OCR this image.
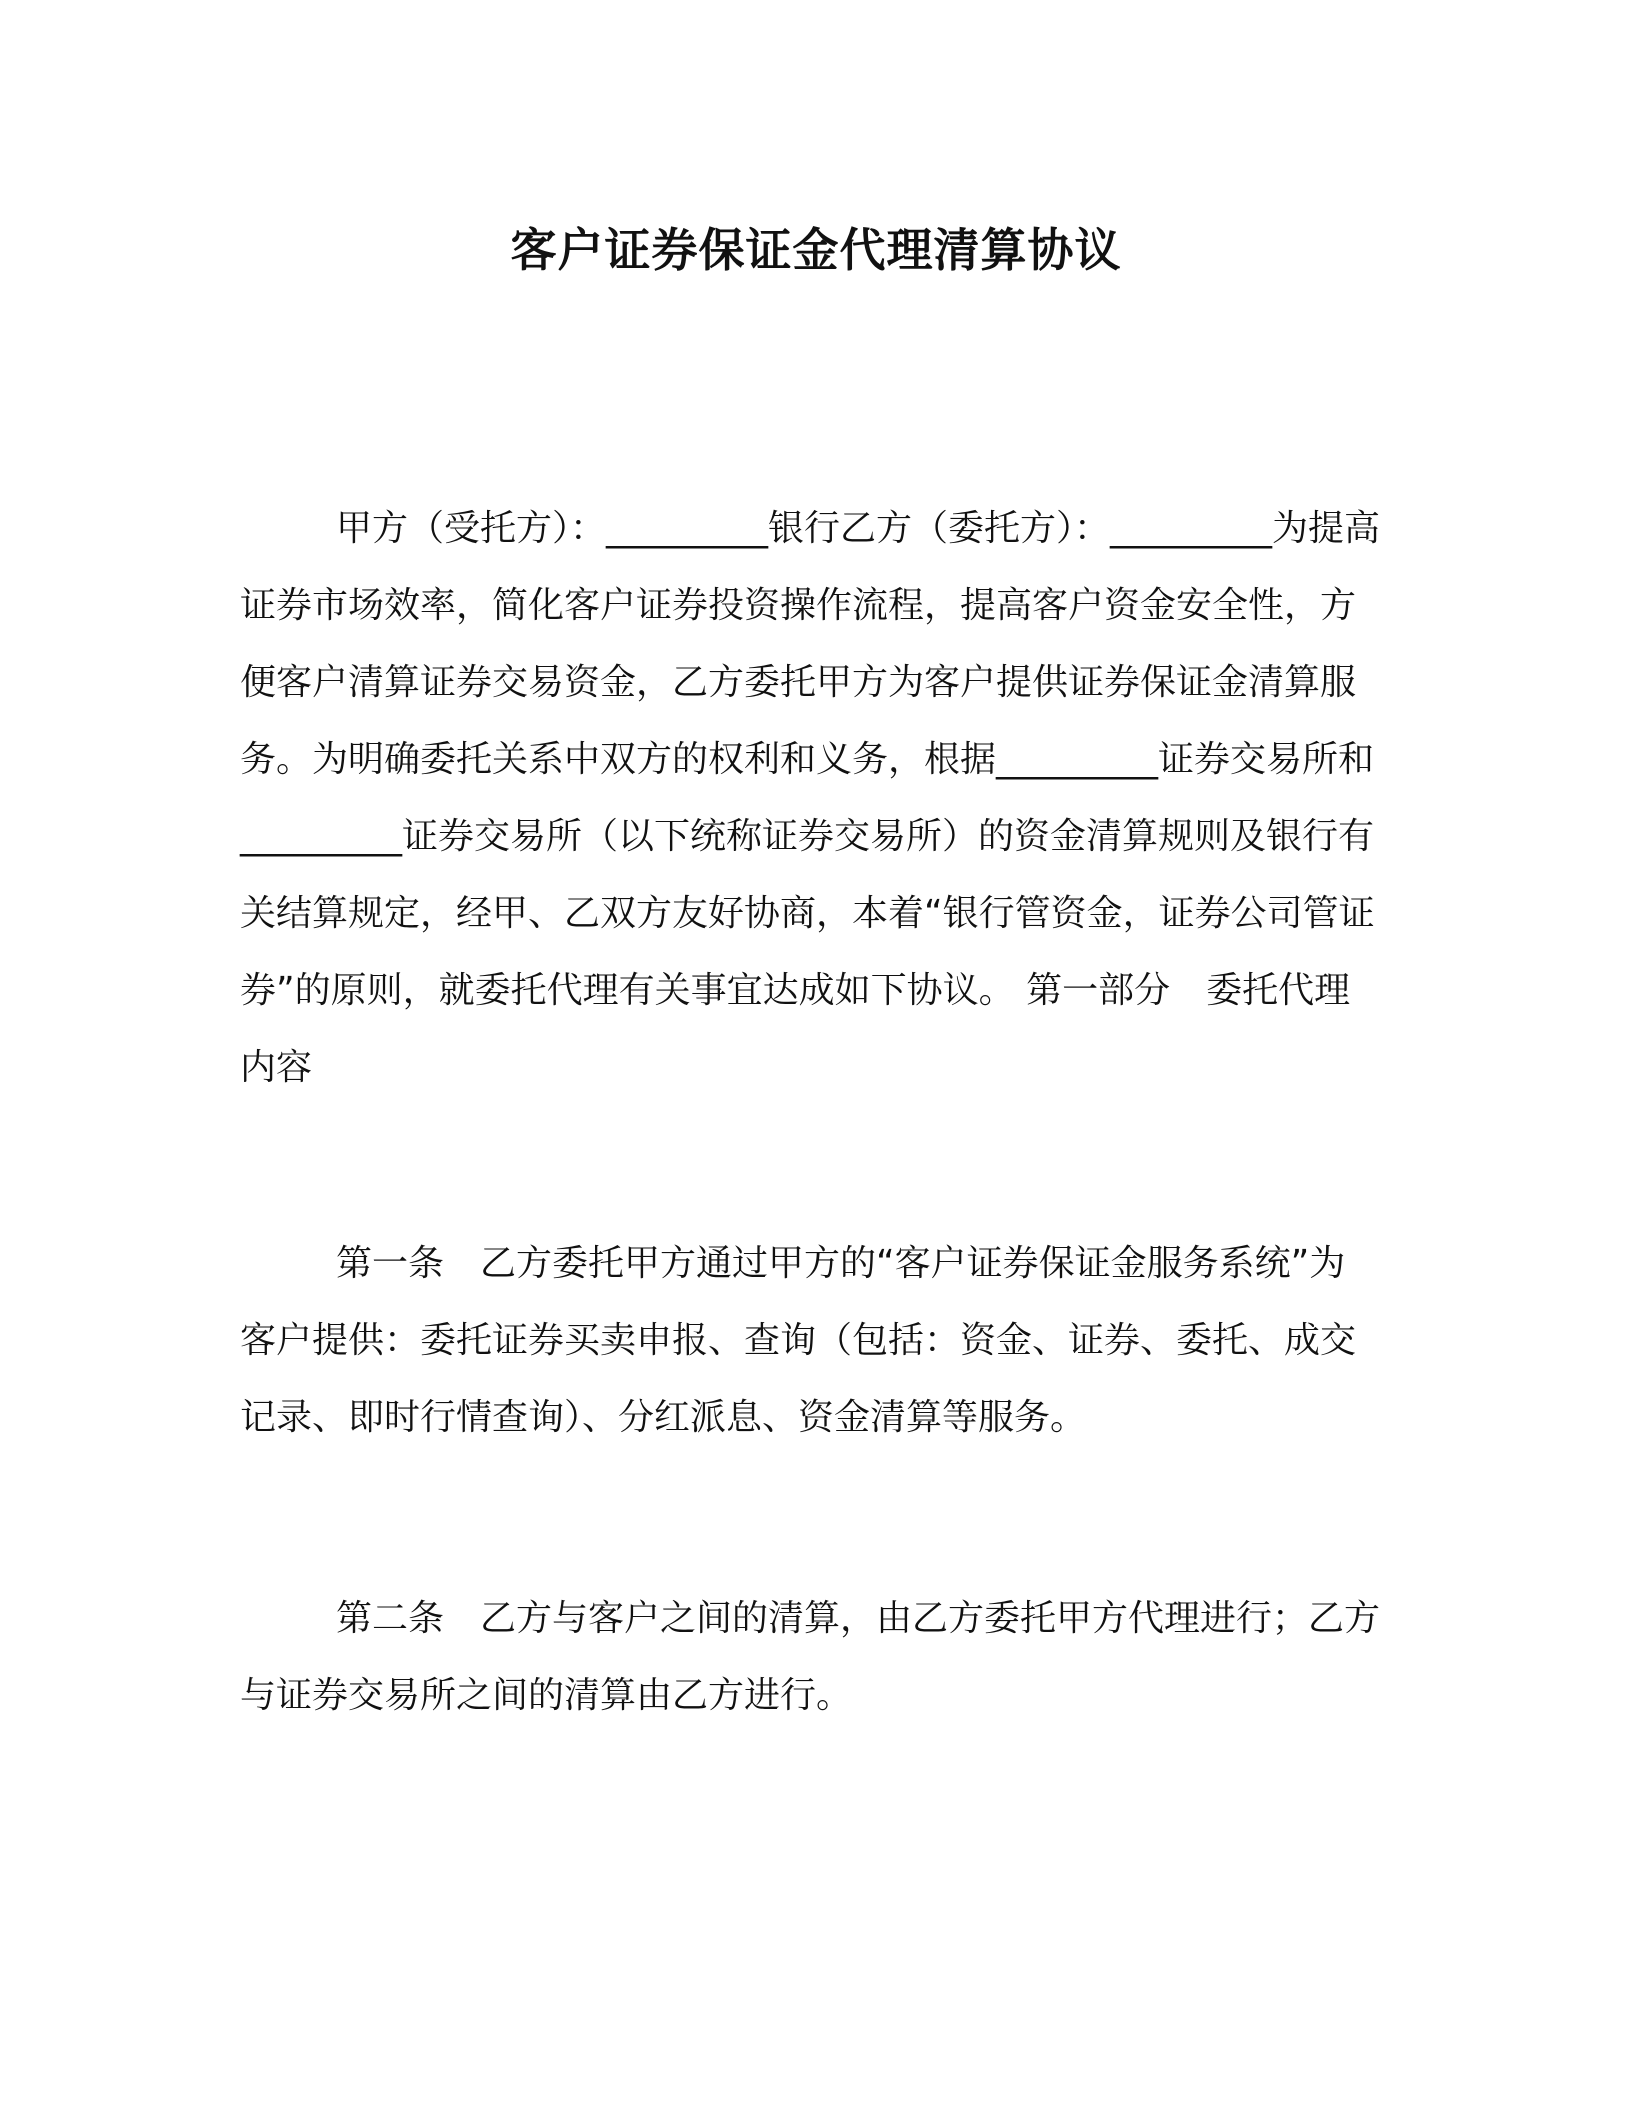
客户证券保证金代理清算协议

甲方（受托方）：_________银行乙方（委托方）：_________为提高证券市场效率，简化客户证券投资操作流程，提高客户资金安全性，方便客户清算证券交易资金，乙方委托甲方为客户提供证券保证金清算服务。为明确委托关系中双方的权利和义务，根据_________证券交易所和_________证券交易所（以下统称证券交易所）的资金清算规则及银行有关结算规定，经甲、乙双方友好协商，本着“银行管资金，证券公司管证券”的原则，就委托代理有关事宜达成如下协议。 第一部分　委托代理内容

第一条　乙方委托甲方通过甲方的“客户证券保证金服务系统”为客户提供：委托证券买卖申报、查询（包括：资金、证券、委托、成交记录、即时行情查询）、分红派息、资金清算等服务。

第二条　乙方与客户之间的清算，由乙方委托甲方代理进行；乙方与证券交易所之间的清算由乙方进行。
